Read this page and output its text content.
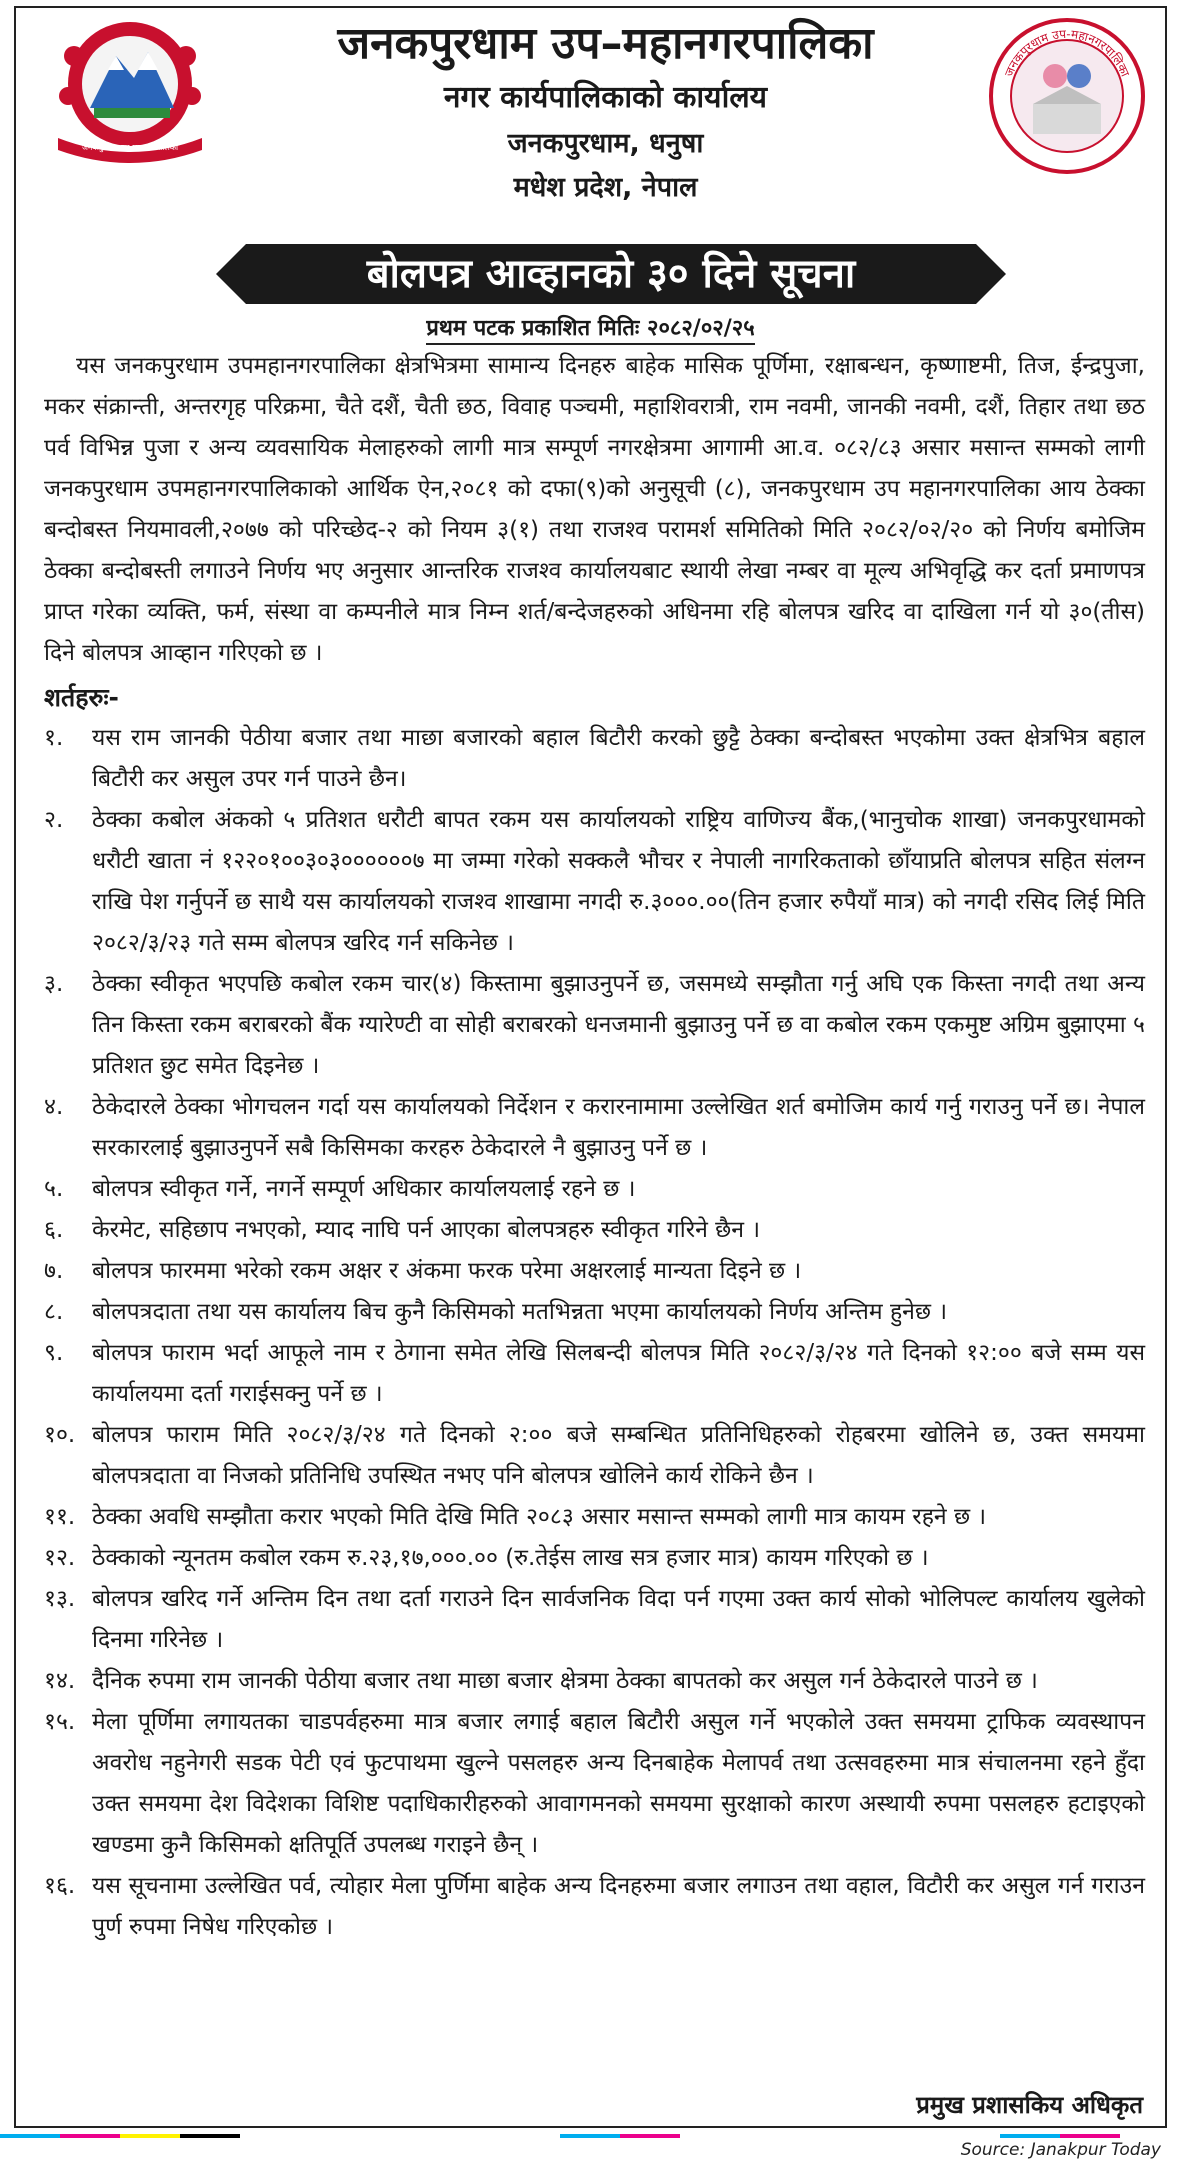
जनकपुरधाम उप-महानगरपालिका
जनकपुरधाम उप–महानगरपालिका
नगर कार्यपालिकाको कार्यालय
जनकपुरधाम, धनुषा
मधेश प्रदेश, नेपाल
जनकपुरधाम उप-महानगरपालिका
बोलपत्र आव्हानको ३० दिने सूचना
प्रथम पटक प्रकाशित मितिः २०८२/०२/२५

यस जनकपुरधाम उपमहानगरपालिका क्षेत्रभित्रमा सामान्य दिनहरु बाहेक मासिक पूर्णिमा, रक्षाबन्धन, कृष्णाष्टमी, तिज, ईन्द्रपुजा, मकर संक्रान्ती, अन्तरगृह परिक्रमा, चैते दशैं, चैती छठ, विवाह पञ्चमी, महाशिवरात्री, राम नवमी, जानकी नवमी, दशैं, तिहार तथा छठ पर्व विभिन्न पुजा र अन्य व्यवसायिक मेलाहरुको लागी मात्र सम्पूर्ण नगरक्षेत्रमा आगामी आ.व. ०८२/८३ असार मसान्त सम्मको लागी जनकपुरधाम उपमहानगरपालिकाको आर्थिक ऐन,२०८१ को दफा(९)को अनुसूची (८), जनकपुरधाम उप महानगरपालिका आय ठेक्का बन्दोबस्त नियमावली,२०७७ को परिच्छेद-२ को नियम ३(१) तथा राजश्व परामर्श समितिको मिति २०८२/०२/२० को निर्णय बमोजिम ठेक्का बन्दोबस्ती लगाउने निर्णय भए अनुसार आन्तरिक राजश्व कार्यालयबाट स्थायी लेखा नम्बर वा मूल्य अभिवृद्धि कर दर्ता प्रमाणपत्र प्राप्त गरेका व्यक्ति, फर्म, संस्था वा कम्पनीले मात्र निम्न शर्त/बन्देजहरुको अधिनमा रहि बोलपत्र खरिद वा दाखिला गर्न यो ३०(तीस) दिने बोलपत्र आव्हान गरिएको छ ।

शर्तहरुः-
१.	यस राम जानकी पेठीया बजार तथा माछा बजारको बहाल बिटौरी करको छुट्टै ठेक्का बन्दोबस्त भएकोमा उक्त क्षेत्रभित्र बहाल बिटौरी कर असुल उपर गर्न पाउने छैन।
२.	ठेक्का कबोल अंकको ५ प्रतिशत धरौटी बापत रकम यस कार्यालयको राष्ट्रिय वाणिज्य बैंक,(भानुचोक शाखा) जनकपुरधामको धरौटी खाता नं १२२०१००३०३००००००७ मा जम्मा गरेको सक्कलै भौचर र नेपाली नागरिकताको छाँयाप्रति बोलपत्र सहित संलग्न राखि पेश गर्नुपर्ने छ साथै यस कार्यालयको राजश्व शाखामा नगदी रु.३०००.००(तिन हजार रुपैयाँ मात्र) को नगदी रसिद लिई मिति २०८२/३/२३ गते सम्म बोलपत्र खरिद गर्न सकिनेछ ।
३.	ठेक्का स्वीकृत भएपछि कबोल रकम चार(४) किस्तामा बुझाउनुपर्ने छ, जसमध्ये सम्झौता गर्नु अघि एक किस्ता नगदी तथा अन्य तिन किस्ता रकम बराबरको बैंक ग्यारेण्टी वा सोही बराबरको धनजमानी बुझाउनु पर्ने छ वा कबोल रकम एकमुष्ट अग्रिम बुझाएमा ५ प्रतिशत छुट समेत दिइनेछ ।
४.	ठेकेदारले ठेक्का भोगचलन गर्दा यस कार्यालयको निर्देशन र करारनामामा उल्लेखित शर्त बमोजिम कार्य गर्नु गराउनु पर्ने छ। नेपाल सरकारलाई बुझाउनुपर्ने सबै किसिमका करहरु ठेकेदारले नै बुझाउनु पर्ने छ ।
५.	बोलपत्र स्वीकृत गर्ने, नगर्ने सम्पूर्ण अधिकार कार्यालयलाई रहने छ ।
६.	केरमेट, सहिछाप नभएको, म्याद नाघि पर्न आएका बोलपत्रहरु स्वीकृत गरिने छैन ।
७.	बोलपत्र फारममा भरेको रकम अक्षर र अंकमा फरक परेमा अक्षरलाई मान्यता दिइने छ ।
८.	बोलपत्रदाता तथा यस कार्यालय बिच कुनै किसिमको मतभिन्नता भएमा कार्यालयको निर्णय अन्तिम हुनेछ ।
९.	बोलपत्र फाराम भर्दा आफूले नाम र ठेगाना समेत लेखि सिलबन्दी बोलपत्र मिति २०८२/३/२४ गते दिनको १२:०० बजे सम्म यस कार्यालयमा दर्ता गराईसक्नु पर्ने छ ।
१०. बोलपत्र फाराम मिति २०८२/३/२४ गते दिनको २:०० बजे सम्बन्धित प्रतिनिधिहरुको रोहबरमा खोलिने छ, उक्त समयमा बोलपत्रदाता वा निजको प्रतिनिधि उपस्थित नभए पनि बोलपत्र खोलिने कार्य रोकिने छैन ।
११. ठेक्का अवधि सम्झौता करार भएको मिति देखि मिति २०८३ असार मसान्त सम्मको लागी मात्र कायम रहने छ ।
१२. ठेक्काको न्यूनतम कबोल रकम रु.२३,१७,०००.०० (रु.तेईस लाख सत्र हजार मात्र) कायम गरिएको छ ।
१३. बोलपत्र खरिद गर्ने अन्तिम दिन तथा दर्ता गराउने दिन सार्वजनिक विदा पर्न गएमा उक्त कार्य सोको भोलिपल्ट कार्यालय खुलेको दिनमा गरिनेछ ।
१४. दैनिक रुपमा राम जानकी पेठीया बजार तथा माछा बजार क्षेत्रमा ठेक्का बापतको कर असुल गर्न ठेकेदारले पाउने छ ।
१५. मेला पूर्णिमा लगायतका चाडपर्वहरुमा मात्र बजार लगाई बहाल बिटौरी असुल गर्ने भएकोले उक्त समयमा ट्राफिक व्यवस्थापन अवरोध नहुनेगरी सडक पेटी एवं फुटपाथमा खुल्ने पसलहरु अन्य दिनबाहेक मेलापर्व तथा उत्सवहरुमा मात्र संचालनमा रहने हुँदा उक्त समयमा देश विदेशका विशिष्ट पदाधिकारीहरुको आवागमनको समयमा सुरक्षाको कारण अस्थायी रुपमा पसलहरु हटाइएको खण्डमा कुनै किसिमको क्षतिपूर्ति उपलब्ध गराइने छैन् ।
१६. यस सूचनामा उल्लेखित पर्व, त्योहार मेला पुर्णिमा बाहेक अन्य दिनहरुमा बजार लगाउन तथा वहाल, विटौरी कर असुल गर्न गराउन पुर्ण रुपमा निषेध गरिएकोछ ।
प्रमुख प्रशासकिय अधिकृत
Source: Janakpur Today
